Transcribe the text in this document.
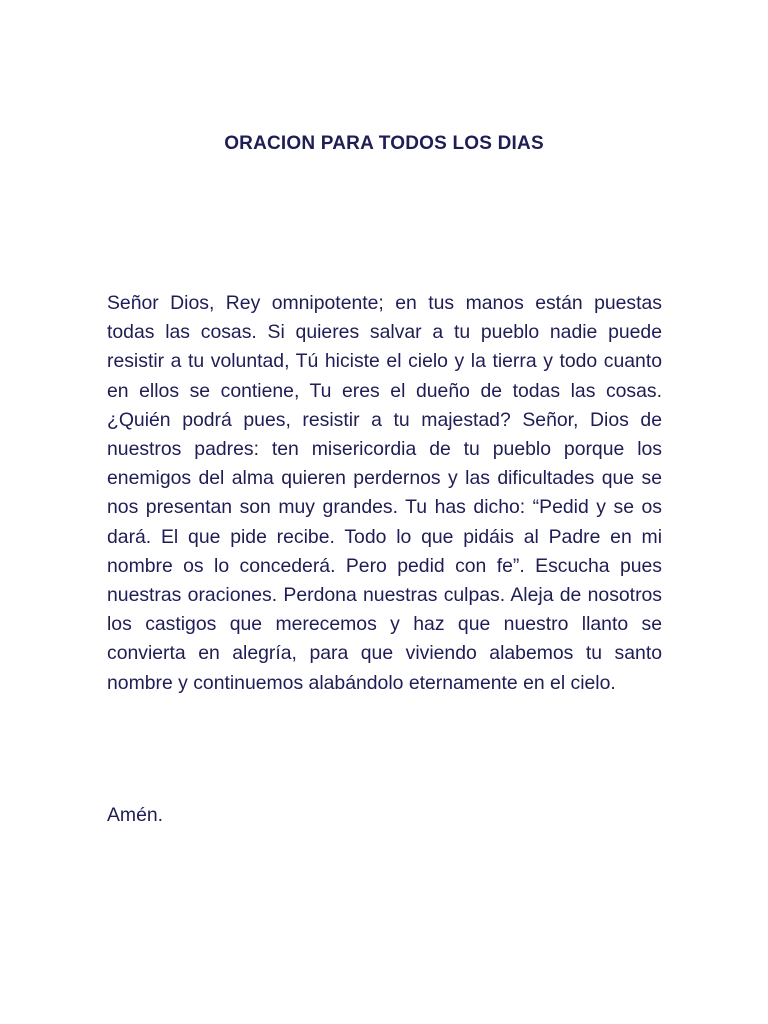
ORACION PARA TODOS LOS DIAS

Señor Dios, Rey omnipotente; en tus manos están puestas todas las cosas. Si quieres salvar a tu pueblo nadie puede resistir a tu voluntad, Tú hiciste el cielo y la tierra y todo cuanto en ellos se contiene, Tu eres el dueño de todas las cosas. ¿Quién podrá pues, resistir a tu majestad? Señor, Dios de nuestros padres: ten misericordia de tu pueblo porque los enemigos del alma quieren perdernos y las dificultades que se nos presentan son muy grandes. Tu has dicho: “Pedid y se os dará. El que pide recibe. Todo lo que pidáis al Padre en mi nombre os lo concederá. Pero pedid con fe”. Escucha pues nuestras oraciones. Perdona nuestras culpas. Aleja de nosotros los castigos que merecemos y haz que nuestro llanto se convierta en alegría, para que viviendo alabemos tu santo nombre y continuemos alabándolo eternamente en el cielo.

Amén.
